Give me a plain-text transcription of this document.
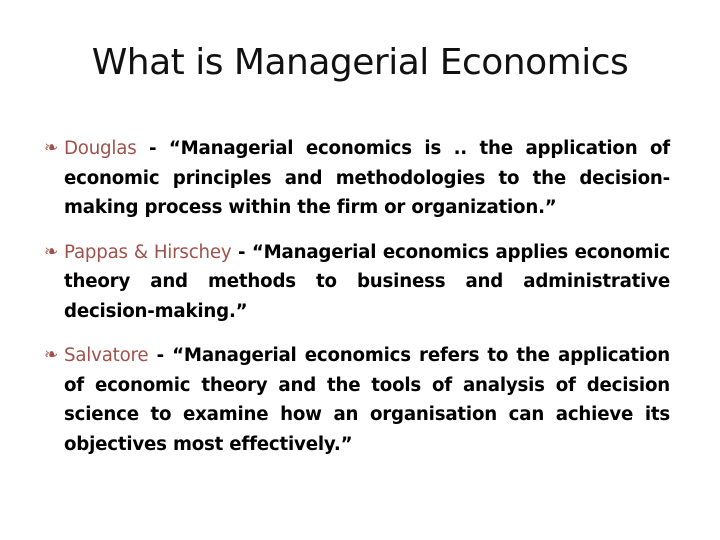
What is Managerial Economics
❧ Douglas - “Managerial economics is .. the application of economic principles and methodologies to the decision-making process within the firm or organization.”
❧ Pappas & Hirschey - “Managerial economics applies economic theory and methods to business and administrative decision-making.”
❧ Salvatore - “Managerial economics refers to the application of economic theory and the tools of analysis of decision science to examine how an organisation can achieve its objectives most effectively.”
